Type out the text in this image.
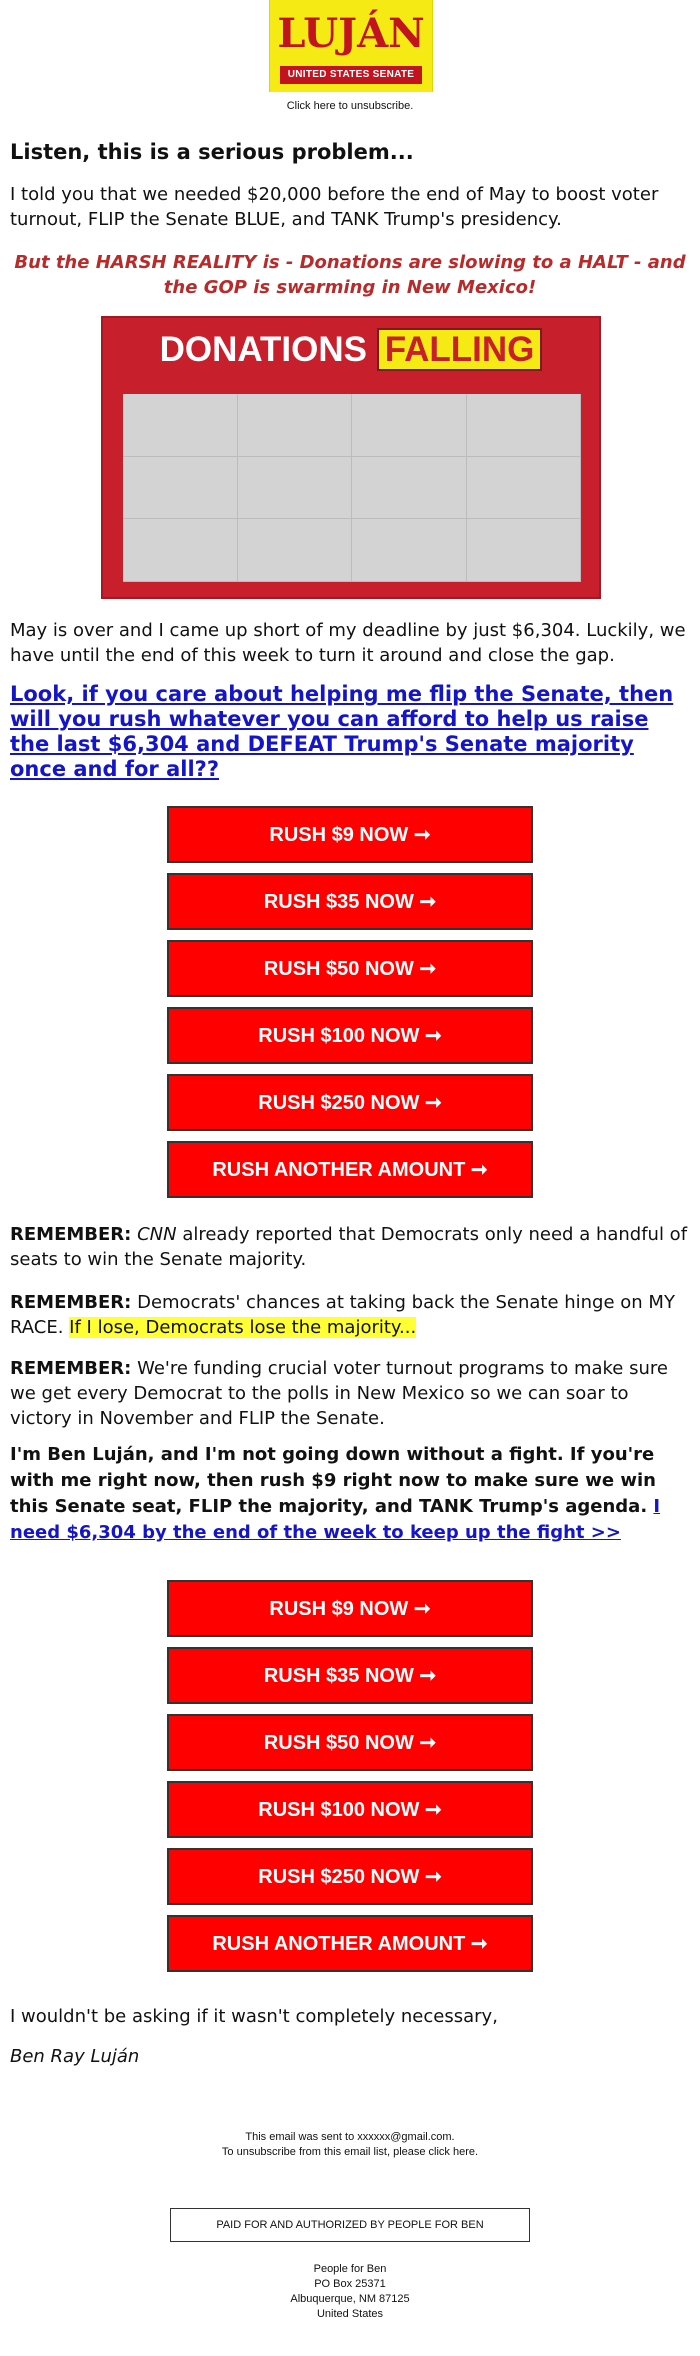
LUJÁN
UNITED STATES SENATE
Click here to unsubscribe.
Listen, this is a serious problem...
I told you that we needed $20,000 before the end of May to boost voter turnout, FLIP the Senate BLUE, and TANK Trump's presidency.
But the HARSH REALITY is - Donations are slowing to a HALT - and the GOP is swarming in New Mexico!
DONATIONS FALLING
May is over and I came up short of my deadline by just $6,304. Luckily, we have until the end of this week to turn it around and close the gap.
Look, if you care about helping me flip the Senate, then will you rush whatever you can afford to help us raise the last $6,304 and DEFEAT Trump's Senate majority once and for all??
RUSH $9 NOW ➞
RUSH $35 NOW ➞
RUSH $50 NOW ➞
RUSH $100 NOW ➞
RUSH $250 NOW ➞
RUSH ANOTHER AMOUNT ➞
REMEMBER: CNN already reported that Democrats only need a handful of seats to win the Senate majority.
REMEMBER: Democrats' chances at taking back the Senate hinge on MY RACE. If I lose, Democrats lose the majority...
REMEMBER: We're funding crucial voter turnout programs to make sure we get every Democrat to the polls in New Mexico so we can soar to victory in November and FLIP the Senate.
I'm Ben Luján, and I'm not going down without a fight. If you're with me right now, then rush $9 right now to make sure we win this Senate seat, FLIP the majority, and TANK Trump's agenda. I need $6,304 by the end of the week to keep up the fight >>
RUSH $9 NOW ➞
RUSH $35 NOW ➞
RUSH $50 NOW ➞
RUSH $100 NOW ➞
RUSH $250 NOW ➞
RUSH ANOTHER AMOUNT ➞
I wouldn't be asking if it wasn't completely necessary,
Ben Ray Luján
This email was sent to xxxxxx@gmail.com.
To unsubscribe from this email list, please click here.
PAID FOR AND AUTHORIZED BY PEOPLE FOR BEN
People for Ben
PO Box 25371
Albuquerque, NM 87125
United States
